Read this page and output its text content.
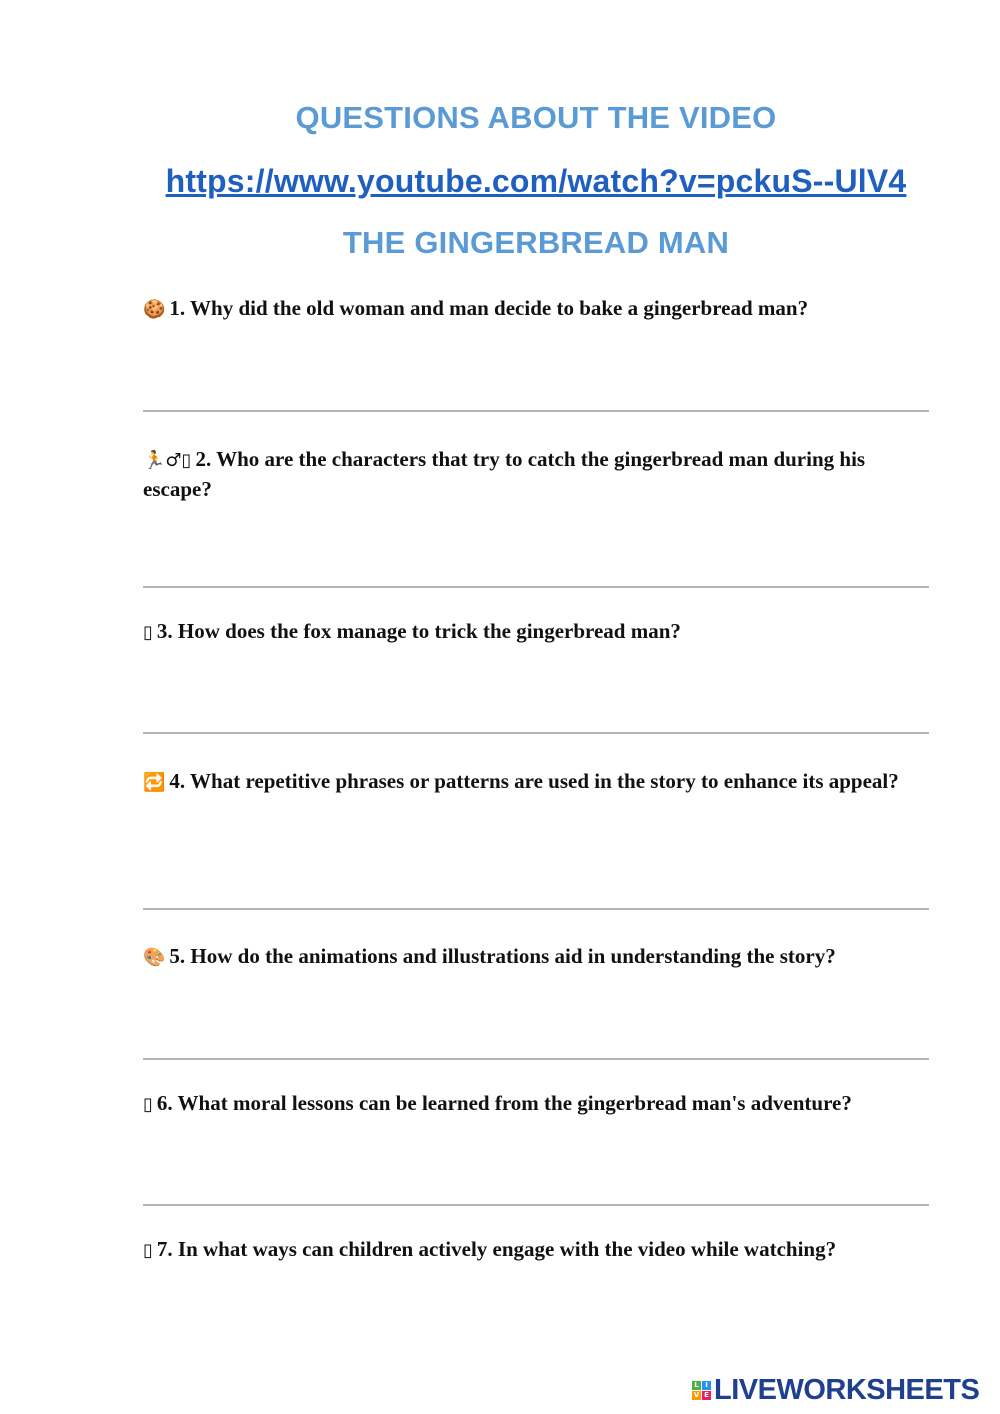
QUESTIONS ABOUT THE VIDEO
https://www.youtube.com/watch?v=pckuS--UlV4
THE GINGERBREAD MAN

🍪 1. Why did the old woman and man decide to bake a gingerbread man?

🏃♂▯ 2. Who are the characters that try to catch the gingerbread man during his escape?

▯ 3. How does the fox manage to trick the gingerbread man?

🔁 4. What repetitive phrases or patterns are used in the story to enhance its appeal?

🎨 5. How do the animations and illustrations aid in understanding the story?

▯ 6. What moral lessons can be learned from the gingerbread man's adventure?

▯ 7. In what ways can children actively engage with the video while watching?

L I
V E LIVEWORKSHEETS
